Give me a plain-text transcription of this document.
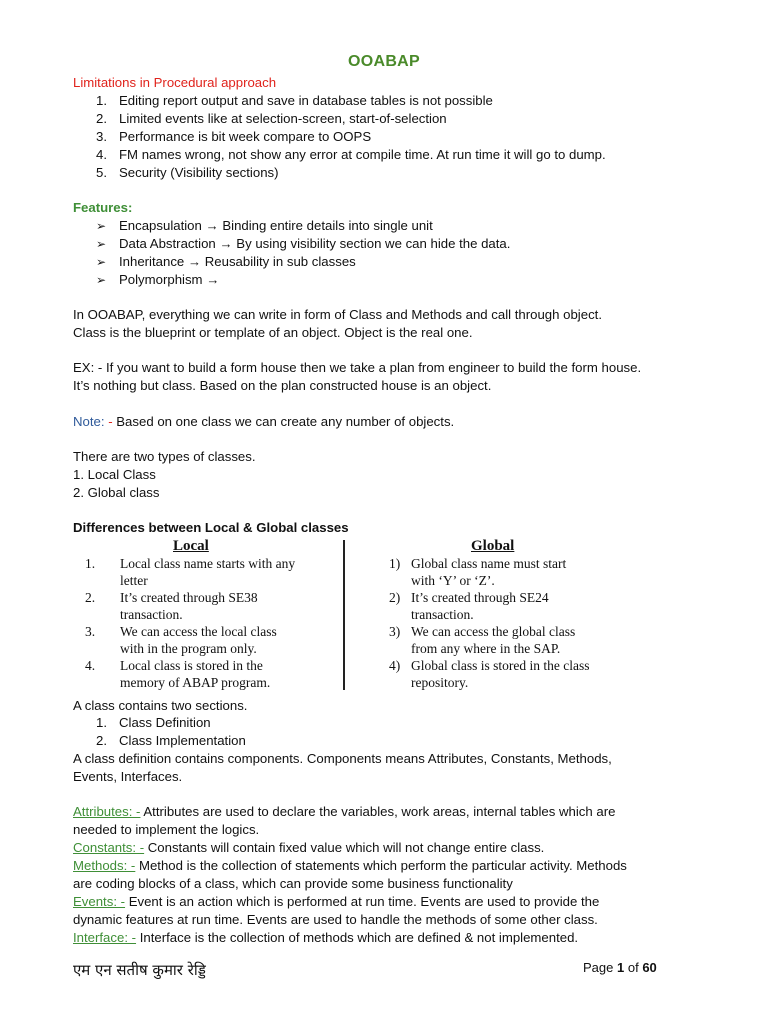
OOABAP
Limitations in Procedural approach
1. Editing report output and save in database tables is not possible
2. Limited events like at selection-screen, start-of-selection
3. Performance is bit week compare to OOPS
4. FM names wrong, not show any error at compile time. At run time it will go to dump.
5. Security (Visibility sections)
Features:
➢ Encapsulation → Binding entire details into single unit
➢ Data Abstraction → By using visibility section we can hide the data.
➢ Inheritance → Reusability in sub classes
➢ Polymorphism →
In OOABAP, everything we can write in form of Class and Methods and call through object.
Class is the blueprint or template of an object. Object is the real one.
EX: - If you want to build a form house then we take a plan from engineer to build the form house.
It’s nothing but class. Based on the plan constructed house is an object.
Note: - Based on one class we can create any number of objects.
There are two types of classes.
1. Local Class
2. Global class
Differences between Local & Global classes
Local	Global
1. Local class name starts with any
letter
2. It’s created through SE38
transaction.
3. We can access the local class
with in the program only.
4. Local class is stored in the
memory of ABAP program.
1) Global class name must start
with ‘Y’ or ‘Z’.
2) It’s created through SE24
transaction.
3) We can access the global class
from any where in the SAP.
4) Global class is stored in the class
repository.
A class contains two sections.
1. Class Definition
2. Class Implementation
A class definition contains components. Components means Attributes, Constants, Methods,
Events, Interfaces.
Attributes: - Attributes are used to declare the variables, work areas, internal tables which are
needed to implement the logics.
Constants: - Constants will contain fixed value which will not change entire class.
Methods: - Method is the collection of statements which perform the particular activity. Methods
are coding blocks of a class, which can provide some business functionality
Events: - Event is an action which is performed at run time. Events are used to provide the
dynamic features at run time. Events are used to handle the methods of some other class.
Interface: - Interface is the collection of methods which are defined & not implemented.
एम एन सतीष कुमार रेड्डि	Page 1 of 60
